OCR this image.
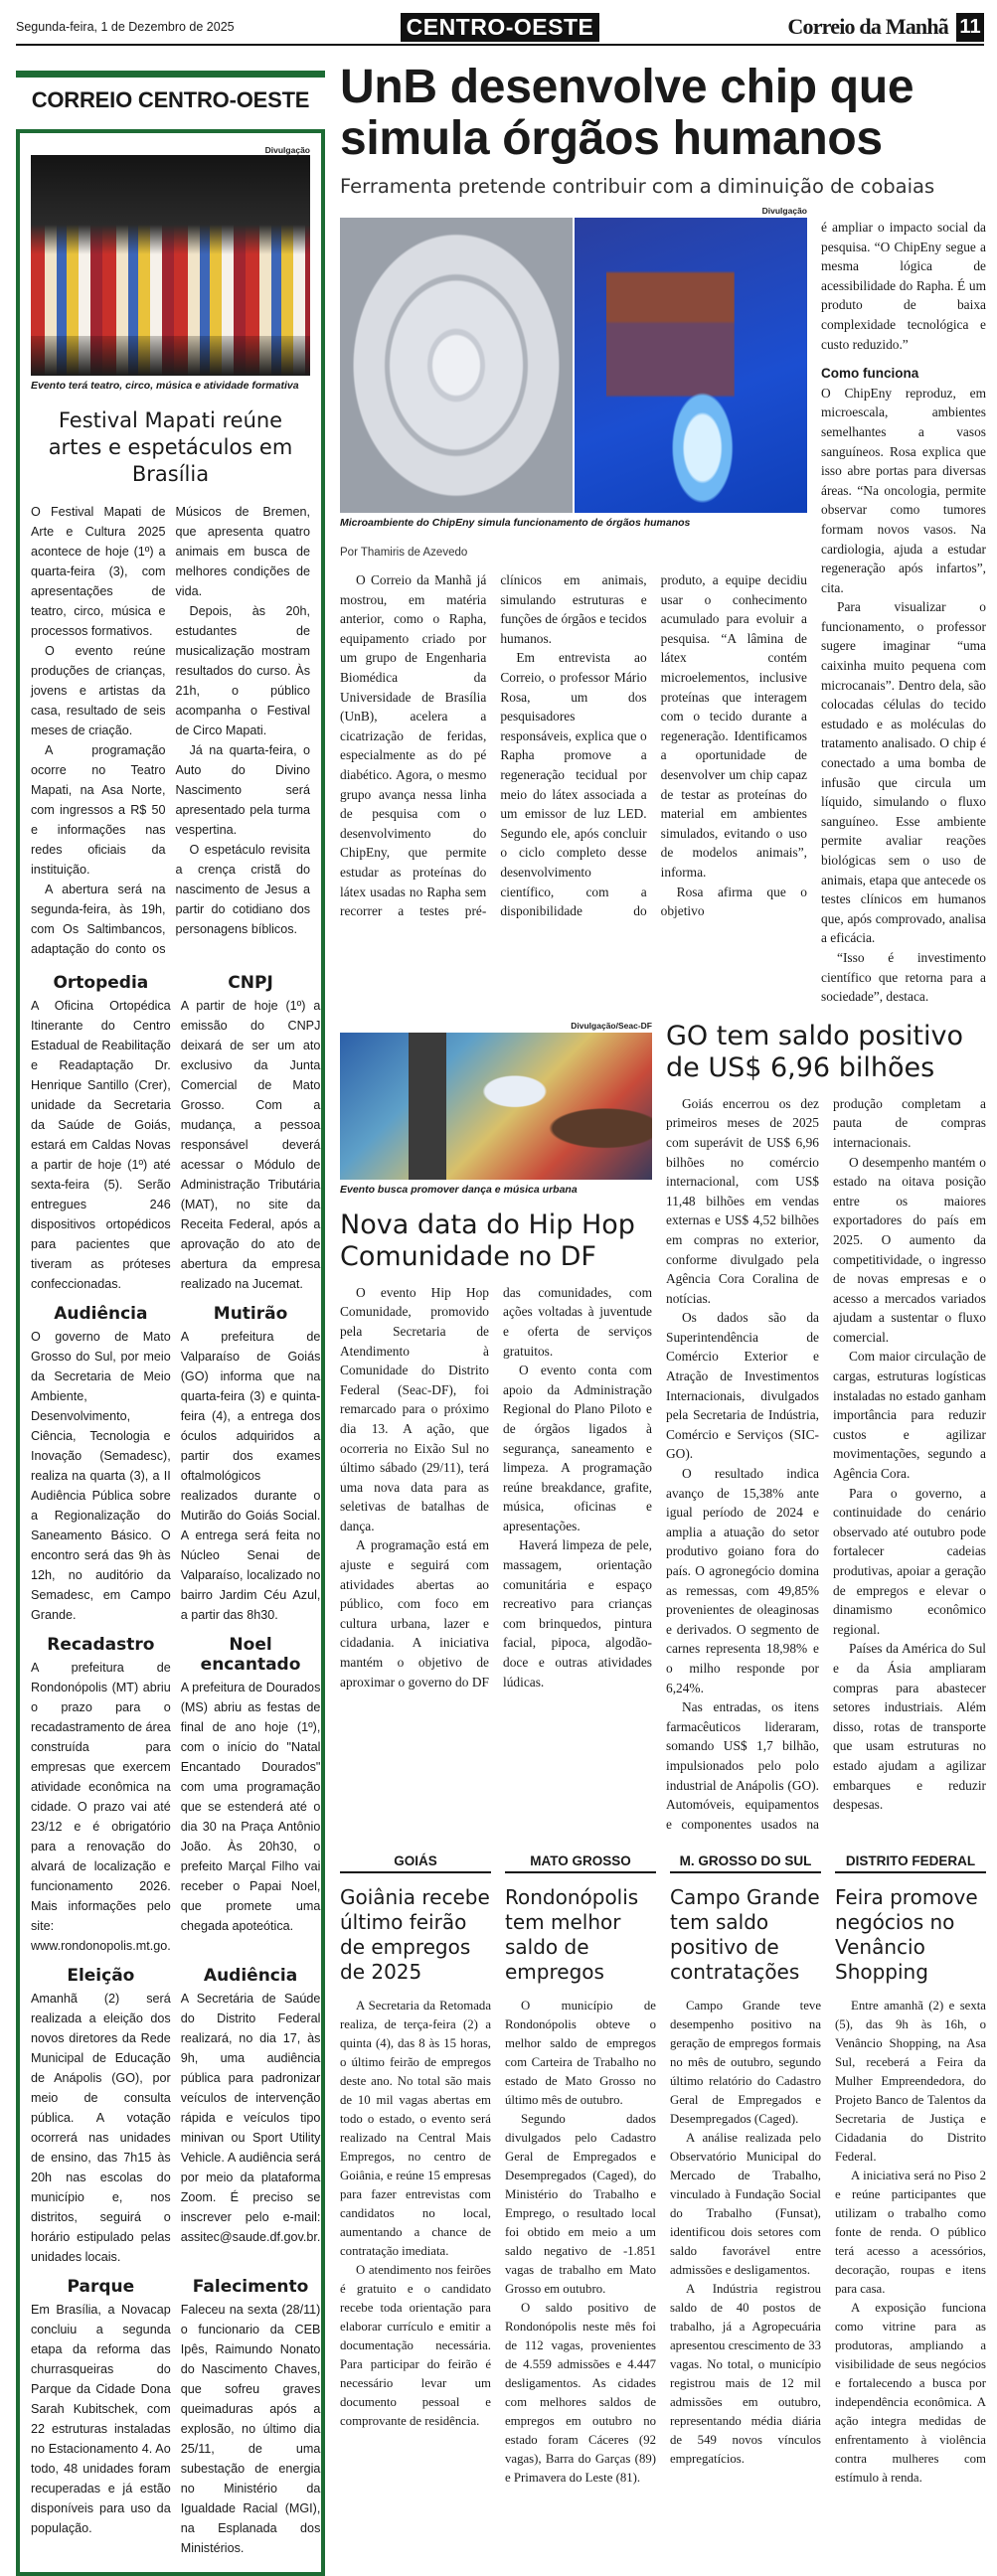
Segunda-feira, 1 de Dezembro de 2025	CENTRO-OESTE	Correio da Manhã 11
CORREIO CENTRO-OESTE
Divulgação
Evento terá teatro, circo, música e atividade formativa
Festival Mapati reúne artes e espetáculos em Brasília

O Festival Mapati de Arte e Cultura 2025 acontece de hoje (1º) a quarta-feira (3), com apresentações de teatro, circo, música e processos formativos.

O evento reúne produções de crianças, jovens e artistas da casa, resultado de seis meses de criação.

A programação ocorre no Teatro Mapati, na Asa Norte, com ingressos a R$ 50 e informações nas redes oficiais da instituição.

A abertura será na segunda-feira, às 19h, com Os Saltimbancos, adaptação do conto os Músicos de Bremen, que apresenta quatro animais em busca de melhores condições de vida.

Depois, às 20h, estudantes de musicalização mostram resultados do curso. Às 21h, o público acompanha o Festival de Circo Mapati.

Já na quarta-feira, o Auto do Divino Nascimento será apresentado pela turma vespertina.

O espetáculo revisita a crença cristã do nascimento de Jesus a partir do cotidiano dos personagens bíblicos.

Ortopedia

A Oficina Ortopédica Itinerante do Centro Estadual de Reabilitação e Readaptação Dr. Henrique Santillo (Crer), unidade da Secretaria da Saúde de Goiás, estará em Caldas Novas a partir de hoje (1º) até sexta-feira (5). Serão entregues 246 dispositivos ortopédicos para pacientes que tiveram as próteses confeccionadas.

CNPJ

A partir de hoje (1º) a emissão do CNPJ deixará de ser um ato exclusivo da Junta Comercial de Mato Grosso. Com a mudança, a pessoa responsável deverá acessar o Módulo de Administração Tributária (MAT), no site da Receita Federal, após a aprovação do ato de abertura da empresa realizado na Jucemat.

Audiência

O governo de Mato Grosso do Sul, por meio da Secretaria de Meio Ambiente, Desenvolvimento, Ciência, Tecnologia e Inovação (Semadesc), realiza na quarta (3), a II Audiência Pública sobre a Regionalização do Saneamento Básico. O encontro será das 9h às 12h, no auditório da Semadesc, em Campo Grande.

Mutirão

A prefeitura de Valparaíso de Goiás (GO) informa que na quarta-feira (3) e quinta-feira (4), a entrega dos óculos adquiridos a partir dos exames oftalmológicos realizados durante o Mutirão do Goiás Social. A entrega será feita no Núcleo Senai de Valparaíso, localizado no bairro Jardim Céu Azul, a partir das 8h30.

Recadastro

A prefeitura de Rondonópolis (MT) abriu o prazo para o recadastramento de área construída para empresas que exercem atividade econômica na cidade. O prazo vai até 23/12 e é obrigatório para a renovação do alvará de localização e funcionamento 2026. Mais informações pelo site: www.rondonopolis.mt.go.

Noel encantado

A prefeitura de Dourados (MS) abriu as festas de final de ano hoje (1º), com o início do "Natal Encantado Dourados" com uma programação que se estenderá até o dia 30 na Praça Antônio João. Às 20h30, o prefeito Marçal Filho vai receber o Papai Noel, que promete uma chegada apoteótica.

Eleição

Amanhã (2) será realizada a eleição dos novos diretores da Rede Municipal de Educação de Anápolis (GO), por meio de consulta pública. A votação ocorrerá nas unidades de ensino, das 7h15 às 20h nas escolas do município e, nos distritos, seguirá o horário estipulado pelas unidades locais.

Audiência

A Secretária de Saúde do Distrito Federal realizará, no dia 17, às 9h, uma audiência pública para padronizar veículos de intervenção rápida e veículos tipo minivan ou Sport Utility Vehicle. A audiência será por meio da plataforma Zoom. É preciso se inscrever pelo e-mail: assitec@saude.df.gov.br.

Parque

Em Brasília, a Novacap concluiu a segunda etapa da reforma das churrasqueiras do Parque da Cidade Dona Sarah Kubitschek, com 22 estruturas instaladas no Estacionamento 4. Ao todo, 48 unidades foram recuperadas e já estão disponíveis para uso da população.

Falecimento

Faleceu na sexta (28/11) o funcionario da CEB Ipês, Raimundo Nonato do Nascimento Chaves, que sofreu graves queimaduras após a explosão, no último dia 25/11, de uma subestação de energia no Ministério da Igualdade Racial (MGI), na Esplanada dos Ministérios.

UnB desenvolve chip que simula órgãos humanos
Ferramenta pretende contribuir com a diminuição de cobaias
Divulgação
Microambiente do ChipEny simula funcionamento de órgãos humanos
Por Thamiris de Azevedo

O Correio da Manhã já mostrou, em matéria anterior, como o Rapha, equipamento criado por um grupo de Engenharia Biomédica da Universidade de Brasília (UnB), acelera a cicatrização de feridas, especialmente as do pé diabético. Agora, o mesmo grupo avança nessa linha de pesquisa com o desenvolvimento do ChipEny, que permite estudar as proteínas do látex usadas no Rapha sem recorrer a testes pré-clínicos em animais, simulando estruturas e funções de órgãos e tecidos humanos.

Em entrevista ao Correio, o professor Mário Rosa, um dos pesquisadores responsáveis, explica que o Rapha promove a regeneração tecidual por meio do látex associada a um emissor de luz LED. Segundo ele, após concluir o ciclo completo desse desenvolvimento científico, com a disponibilidade do produto, a equipe decidiu usar o conhecimento acumulado para evoluir a pesquisa. “A lâmina de látex contém microelementos, inclusive proteínas que interagem com o tecido durante a regeneração. Identificamos a oportunidade de desenvolver um chip capaz de testar as proteínas do material em ambientes simulados, evitando o uso de modelos animais”, informa.

Rosa afirma que o objetivo

é ampliar o impacto social da pesquisa. “O ChipEny segue a mesma lógica de acessibilidade do Rapha. É um produto de baixa complexidade tecnológica e custo reduzido.”

Como funciona

O ChipEny reproduz, em microescala, ambientes semelhantes a vasos sanguíneos. Rosa explica que isso abre portas para diversas áreas. “Na oncologia, permite observar como tumores formam novos vasos. Na cardiologia, ajuda a estudar regeneração após infartos”, cita.

Para visualizar o funcionamento, o professor sugere imaginar “uma caixinha muito pequena com microcanais”. Dentro dela, são colocadas células do tecido estudado e as moléculas do tratamento analisado. O chip é conectado a uma bomba de infusão que circula um líquido, simulando o fluxo sanguíneo. Esse ambiente permite avaliar reações biológicas sem o uso de animais, etapa que antecede os testes clínicos em humanos que, após comprovado, analisa a eficácia.

“Isso é investimento científico que retorna para a sociedade”, destaca.

Divulgação/Seac-DF
Evento busca promover dança e música urbana
Nova data do Hip Hop Comunidade no DF

O evento Hip Hop Comunidade, promovido pela Secretaria de Atendimento à Comunidade do Distrito Federal (Seac-DF), foi remarcado para o próximo dia 13. A ação, que ocorreria no Eixão Sul no último sábado (29/11), terá uma nova data para as seletivas de batalhas de dança.

A programação está em ajuste e seguirá com atividades abertas ao público, com foco em cultura urbana, lazer e cidadania. A iniciativa mantém o objetivo de aproximar o governo do DF das comunidades, com ações voltadas à juventude e oferta de serviços gratuitos.

O evento conta com apoio da Administração Regional do Plano Piloto e de órgãos ligados à segurança, saneamento e limpeza. A programação reúne breakdance, grafite, música, oficinas e apresentações.

Haverá limpeza de pele, massagem, orientação comunitária e espaço recreativo para crianças com brinquedos, pintura facial, pipoca, algodão-doce e outras atividades lúdicas.

GO tem saldo positivo de US$ 6,96 bilhões

Goiás encerrou os dez primeiros meses de 2025 com superávit de US$ 6,96 bilhões no comércio internacional, com US$ 11,48 bilhões em vendas externas e US$ 4,52 bilhões em compras no exterior, conforme divulgado pela Agência Cora Coralina de notícias.

Os dados são da Superintendência de Comércio Exterior e Atração de Investimentos Internacionais, divulgados pela Secretaria de Indústria, Comércio e Serviços (SIC-GO).

O resultado indica avanço de 15,38% ante igual período de 2024 e amplia a atuação do setor produtivo goiano fora do país. O agronegócio domina as remessas, com 49,85% provenientes de oleaginosas e derivados. O segmento de carnes representa 18,98% e o milho responde por 6,24%.

Nas entradas, os itens farmacêuticos lideraram, somando US$ 1,7 bilhão, impulsionados pelo polo industrial de Anápolis (GO). Automóveis, equipamentos e componentes usados na produção completam a pauta de compras internacionais.

O desempenho mantém o estado na oitava posição entre os maiores exportadores do país em 2025. O aumento da competitividade, o ingresso de novas empresas e o acesso a mercados variados ajudam a sustentar o fluxo comercial.

Com maior circulação de cargas, estruturas logísticas instaladas no estado ganham importância para reduzir custos e agilizar movimentações, segundo a Agência Cora.

Para o governo, a continuidade do cenário observado até outubro pode fortalecer cadeias produtivas, apoiar a geração de empregos e elevar o dinamismo econômico regional.

Países da América do Sul e da Ásia ampliaram compras para abastecer setores industriais. Além disso, rotas de transporte que usam estruturas no estado ajudam a agilizar embarques e reduzir despesas.

GOIÁS
Goiânia recebe último feirão de empregos de 2025

A Secretaria da Retomada realiza, de terça-feira (2) a quinta (4), das 8 às 15 horas, o último feirão de empregos deste ano. No total são mais de 10 mil vagas abertas em todo o estado, o evento será realizado na Central Mais Empregos, no centro de Goiânia, e reúne 15 empresas para fazer entrevistas com candidatos no local, aumentando a chance de contratação imediata.

O atendimento nos feirões é gratuito e o candidato recebe toda orientação para elaborar currículo e emitir a documentação necessária. Para participar do feirão é necessário levar um documento pessoal e comprovante de residência.

MATO GROSSO
Rondonópolis tem melhor saldo de empregos

O município de Rondonópolis obteve o melhor saldo de empregos com Carteira de Trabalho no estado de Mato Grosso no último mês de outubro.

Segundo dados divulgados pelo Cadastro Geral de Empregados e Desempregados (Caged), do Ministério do Trabalho e Emprego, o resultado local foi obtido em meio a um saldo negativo de -1.851 vagas de trabalho em Mato Grosso em outubro.

O saldo positivo de Rondonópolis neste mês foi de 112 vagas, provenientes de 4.559 admissões e 4.447 desligamentos. As cidades com melhores saldos de empregos em outubro no estado foram Cáceres (92 vagas), Barra do Garças (89) e Primavera do Leste (81).

M. GROSSO DO SUL
Campo Grande tem saldo positivo de contratações

Campo Grande teve desempenho positivo na geração de empregos formais no mês de outubro, segundo último relatório do Cadastro Geral de Empregados e Desempregados (Caged).

A análise realizada pelo Observatório Municipal do Mercado de Trabalho, vinculado à Fundação Social do Trabalho (Funsat), identificou dois setores com saldo favorável entre admissões e desligamentos.

A Indústria registrou saldo de 40 postos de trabalho, já a Agropecuária apresentou crescimento de 33 vagas. No total, o município registrou mais de 12 mil admissões em outubro, representando média diária de 549 novos vínculos empregatícios.

DISTRITO FEDERAL
Feira promove negócios no Venâncio Shopping

Entre amanhã (2) e sexta (5), das 9h às 16h, o Venâncio Shopping, na Asa Sul, receberá a Feira da Mulher Empreendedora, do Projeto Banco de Talentos da Secretaria de Justiça e Cidadania do Distrito Federal.

A iniciativa será no Piso 2 e reúne participantes que utilizam o trabalho como fonte de renda. O público terá acesso a acessórios, decoração, roupas e itens para casa.

A exposição funciona como vitrine para as produtoras, ampliando a visibilidade de seus negócios e fortalecendo a busca por independência econômica. A ação integra medidas de enfrentamento à violência contra mulheres com estímulo à renda.
